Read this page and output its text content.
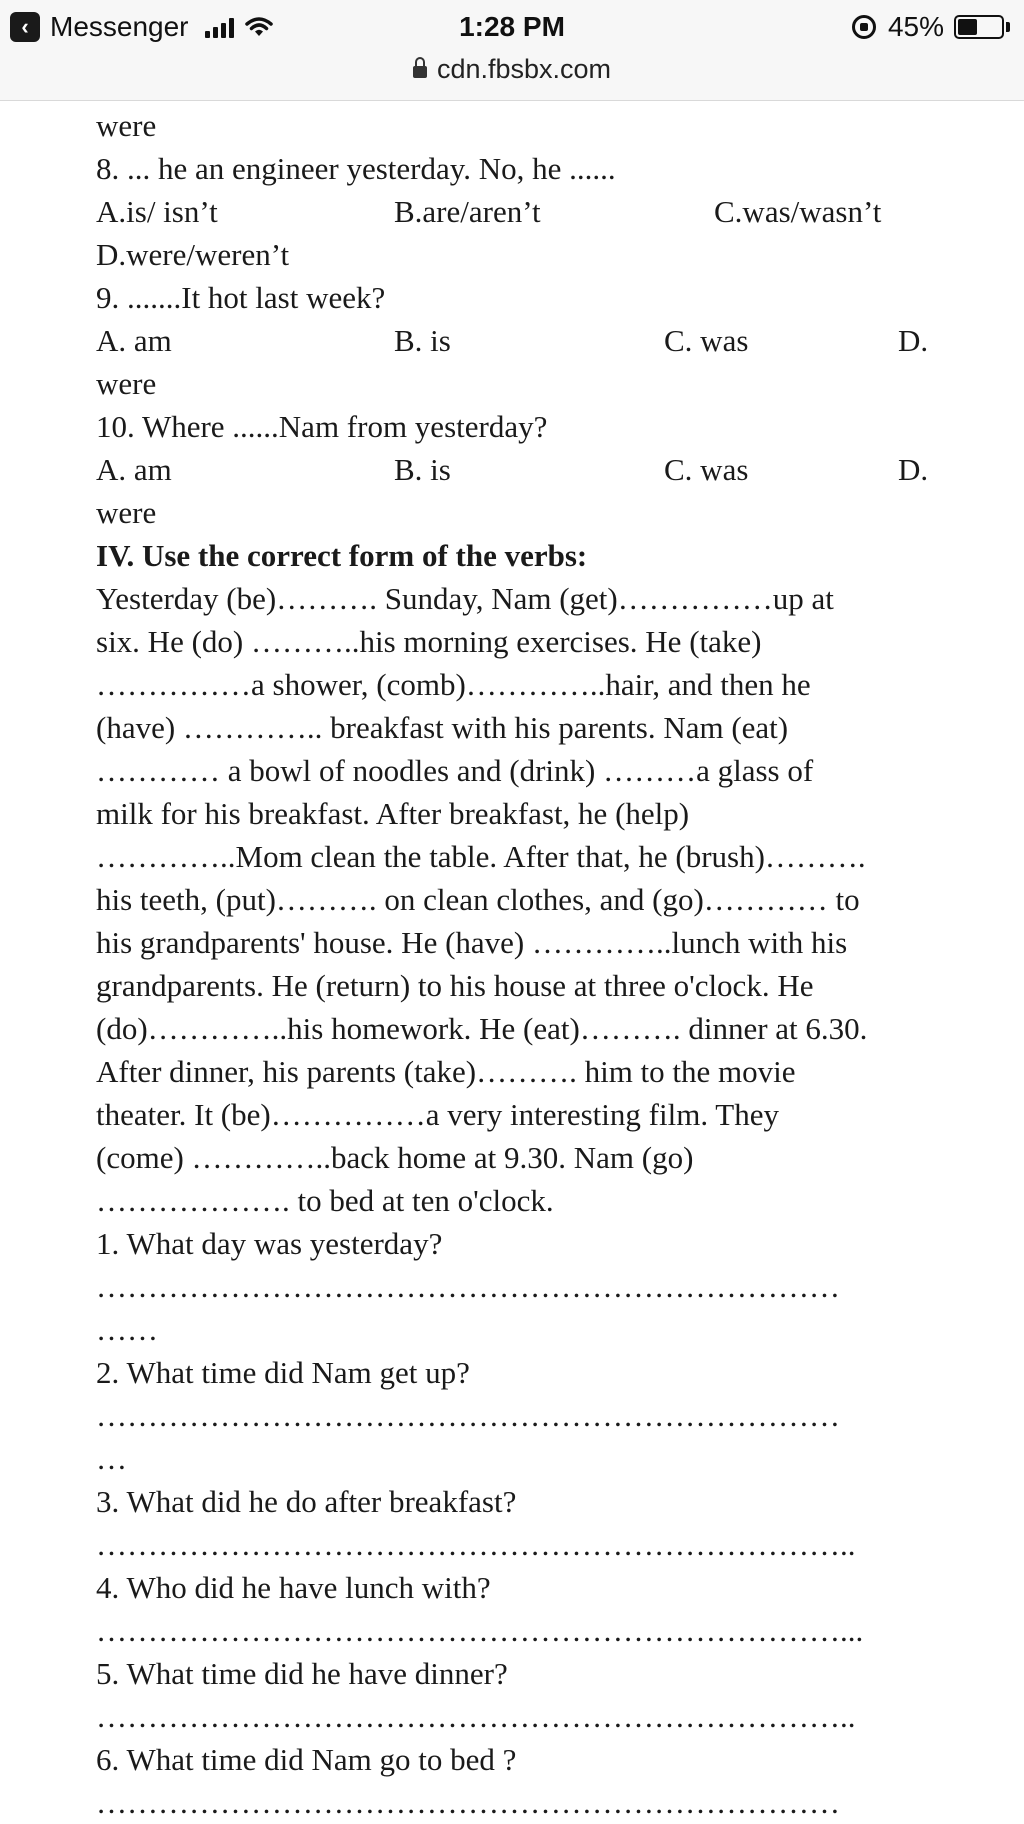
‹ Messenger	1:28 PM	45%
cdn.fbsbx.com
were
8. ... he an engineer yesterday. No, he ......
A.is/ isn’t	B.are/aren’t	C.was/wasn’t
D.were/weren’t
9. .......It hot last week?
A. am	B. is	C. was	D.
were
10. Where ......Nam from yesterday?
A. am	B. is	C. was	D.
were
IV. Use the correct form of the verbs:
Yesterday (be)………. Sunday, Nam (get)……………up at
six. He (do) ………..his morning exercises. He (take)
……………a shower, (comb)…………..hair, and then he
(have) ………….. breakfast with his parents. Nam (eat)
………… a bowl of noodles and (drink) ………a glass of
milk for his breakfast. After breakfast, he (help)
…………..Mom clean the table. After that, he (brush)……….
his teeth, (put)………. on clean clothes, and (go)………… to
his grandparents' house. He (have) …………..lunch with his
grandparents. He (return) to his house at three o'clock. He
(do)…………..his homework. He (eat)………. dinner at 6.30.
After dinner, his parents (take)………. him to the movie
theater. It (be)……………a very interesting film. They
(come) …………..back home at 9.30. Nam (go)
………………. to bed at ten o'clock.
1. What day was yesterday?
………………………………………………………………
……
2. What time did Nam get up?
………………………………………………………………
…
3. What did he do after breakfast?
………………………………………………………………..
4. Who did he have lunch with?
………………………………………………………………...
5. What time did he have dinner?
………………………………………………………………..
6. What time did Nam go to bed ?
………………………………………………………………
